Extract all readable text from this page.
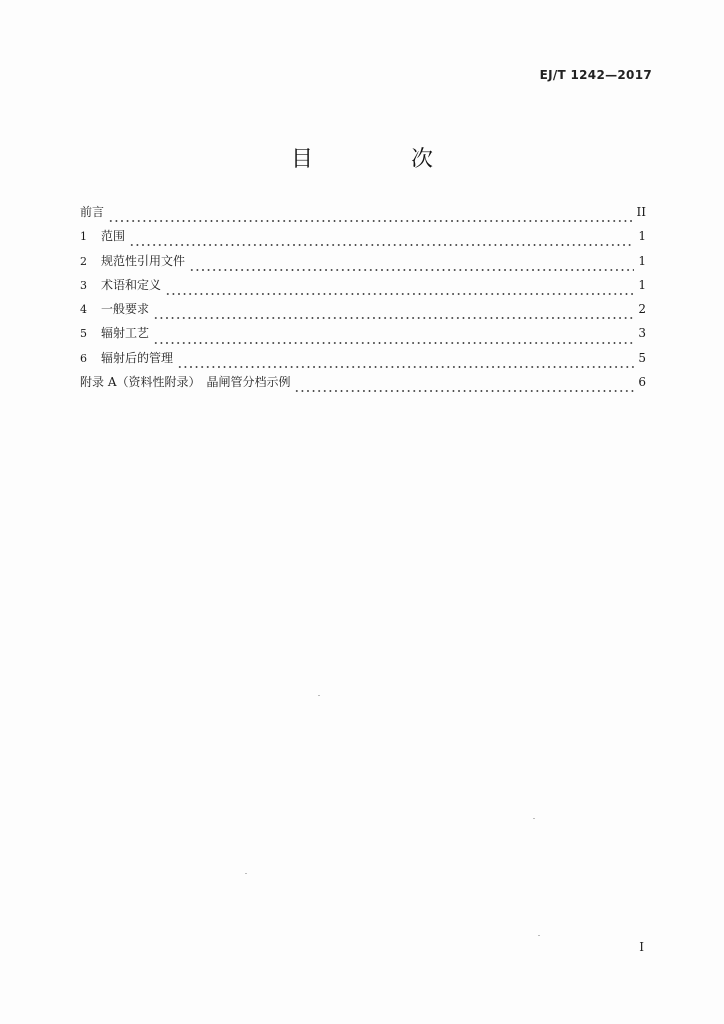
EJ/T 1242—2017
目　次
前言	II
1	范围	1
2	规范性引用文件	1
3	术语和定义	1
4	一般要求	2
5	辐射工艺	3
6	辐射后的管理	5
附录 A（资料性附录）　晶闸管分档示例	6
I
